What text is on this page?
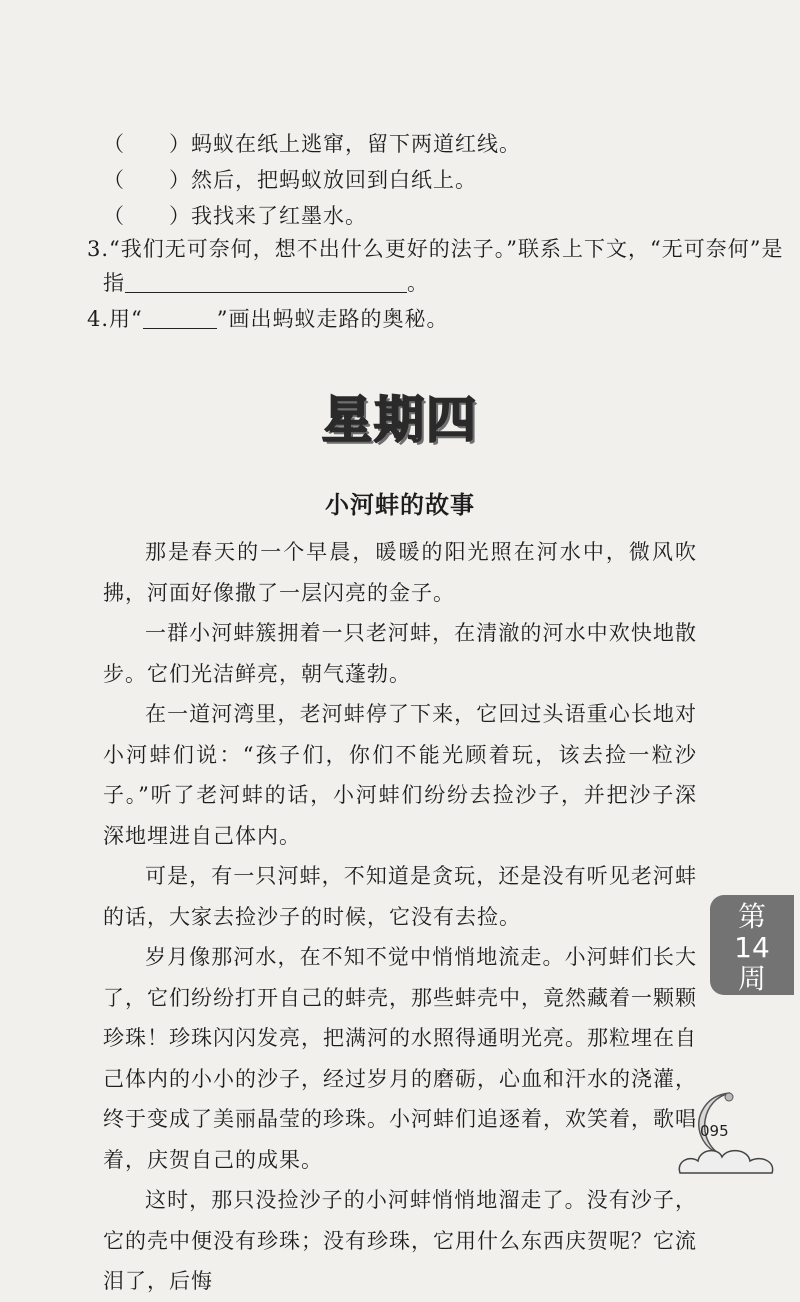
（　　）蚂蚁在纸上逃窜，留下两道红线。
（　　）然后，把蚂蚁放回到白纸上。
（　　）我找来了红墨水。
3.“我们无可奈何，想不出什么更好的法子。”联系上下文，“无可奈何”是
指	。
4.用“	”画出蚂蚁走路的奥秘。
星期四
小河蚌的故事

那是春天的一个早晨，暖暖的阳光照在河水中，微风吹拂，河面好像撒了一层闪亮的金子。

一群小河蚌簇拥着一只老河蚌，在清澈的河水中欢快地散步。它们光洁鲜亮，朝气蓬勃。

在一道河湾里，老河蚌停了下来，它回过头语重心长地对小河蚌们说：“孩子们，你们不能光顾着玩，该去捡一粒沙子。”听了老河蚌的话，小河蚌们纷纷去捡沙子，并把沙子深深地埋进自己体内。

可是，有一只河蚌，不知道是贪玩，还是没有听见老河蚌的话，大家去捡沙子的时候，它没有去捡。

岁月像那河水，在不知不觉中悄悄地流走。小河蚌们长大了，它们纷纷打开自己的蚌壳，那些蚌壳中，竟然藏着一颗颗珍珠！珍珠闪闪发亮，把满河的水照得通明光亮。那粒埋在自己体内的小小的沙子，经过岁月的磨砺，心血和汗水的浇灌，终于变成了美丽晶莹的珍珠。小河蚌们追逐着，欢笑着，歌唱着，庆贺自己的成果。

这时，那只没捡沙子的小河蚌悄悄地溜走了。没有沙子，它的壳中便没有珍珠；没有珍珠，它用什么东西庆贺呢？它流泪了，后悔

第
14
周
095
